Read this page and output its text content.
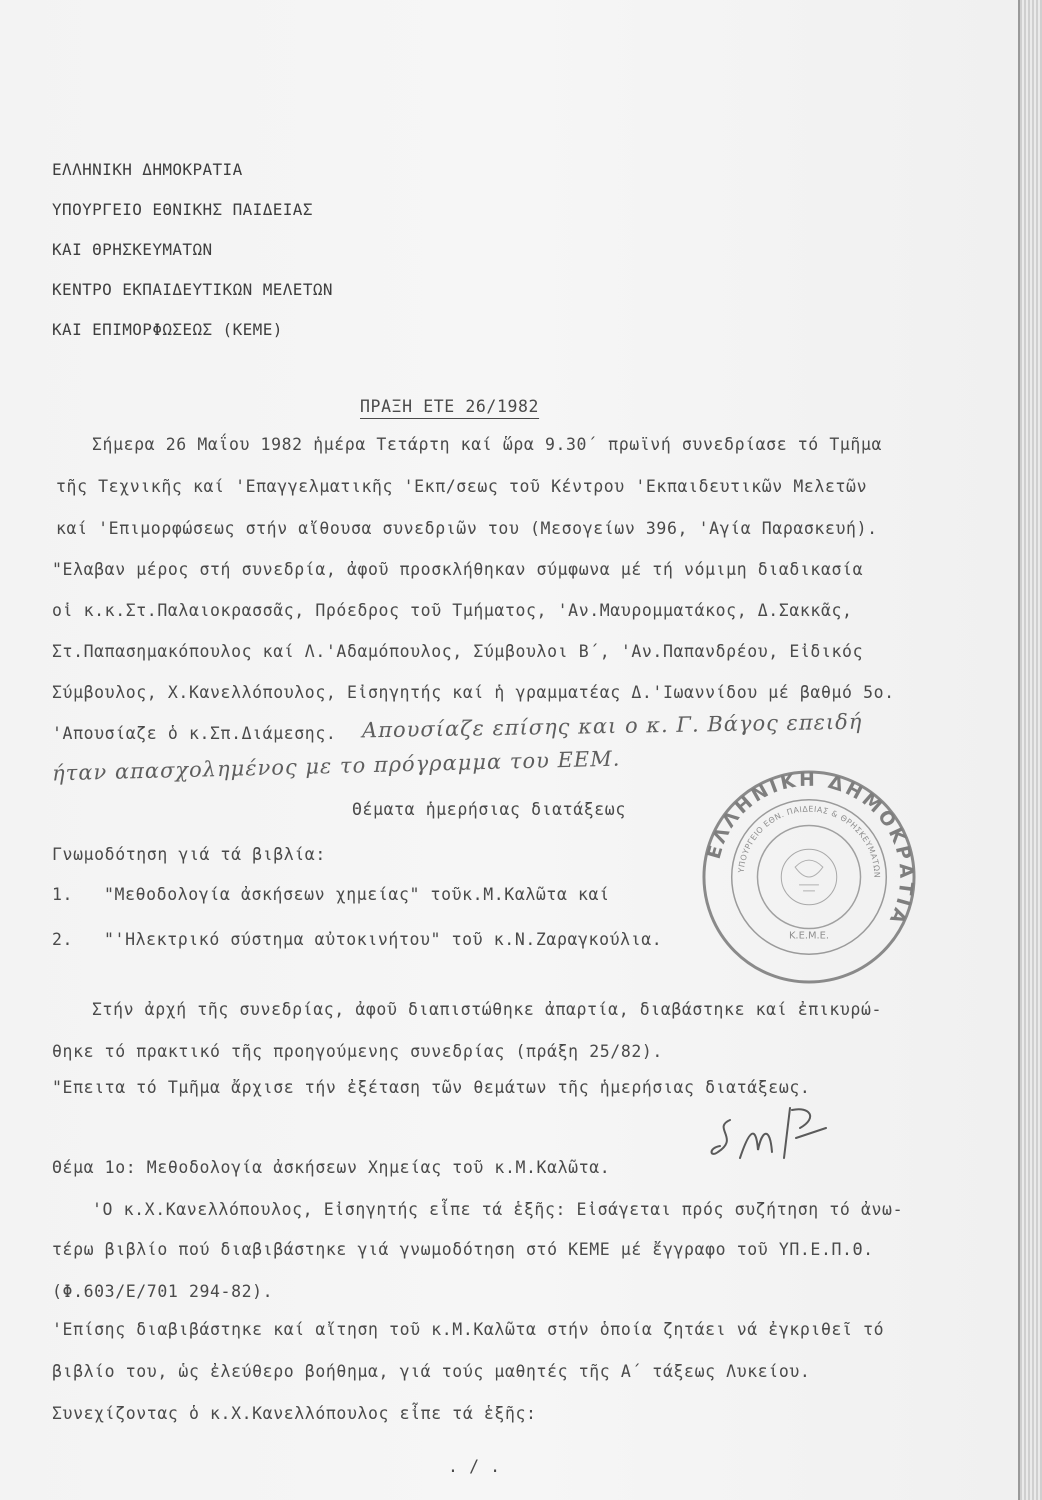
ΕΛΛΗΝΙΚΗ ΔΗΜΟΚΡΑΤΙΑ
ΥΠΟΥΡΓΕΙΟ ΕΘΝΙΚΗΣ ΠΑΙΔΕΙΑΣ
ΚΑΙ ΘΡΗΣΚΕΥΜΑΤΩΝ
ΚΕΝΤΡΟ ΕΚΠΑΙΔΕΥΤΙΚΩΝ ΜΕΛΕΤΩΝ
ΚΑΙ ΕΠΙΜΟΡΦΩΣΕΩΣ (ΚΕΜΕ)
ΠΡΑΞΗ ΕΤΕ 26/1982
Σήμερα 26 Μαΐου 1982 ἡμέρα Τετάρτη καί ὥρα 9.30΄ πρωϊνή συνεδρίασε τό Τμῆμα
τῆς Τεχνικῆς καί 'Επαγγελματικῆς 'Εκπ/σεως τοῦ Κέντρου 'Εκπαιδευτικῶν Μελετῶν
καί 'Επιμορφώσεως στήν αἴθουσα συνεδριῶν του (Μεσογείων 396, 'Αγία Παρασκευή).
"Ελαβαν μέρος στή συνεδρία, ἀφοῦ προσκλήθηκαν σύμφωνα μέ τή νόμιμη διαδικασία
οἱ κ.κ.Στ.Παλαιοκρασσᾶς, Πρόεδρος τοῦ Τμήματος, 'Αν.Μαυρομματάκος, Δ.Σακκᾶς,
Στ.Παπασημακόπουλος καί Λ.'Αδαμόπουλος, Σύμβουλοι Β΄, 'Αν.Παπανδρέου, Εἰδικός
Σύμβουλος, Χ.Κανελλόπουλος, Εἰσηγητής καί ἡ γραμματέας Δ.'Ιωαννίδου μέ βαθμό 5ο.
'Απουσίαζε ὁ κ.Σπ.Διάμεσης. Απουσίαζε επίσης και ο κ. Γ. Βάγος επειδή
ήταν απασχολημένος με το πρόγραμμα του ΕΕΜ.
Θέματα ἡμερήσιας διατάξεως
Γνωμοδότηση γιά τά βιβλία:
1. "Μεθοδολογία ἀσκήσεων χημείας" τοῦκ.Μ.Καλῶτα καί
2. "'Ηλεκτρικό σύστημα αὐτοκινήτου" τοῦ κ.Ν.Ζαραγκούλια.
Στήν ἀρχή τῆς συνεδρίας, ἀφοῦ διαπιστώθηκε ἀπαρτία, διαβάστηκε καί ἐπικυρώ-
θηκε τό πρακτικό τῆς προηγούμενης συνεδρίας (πράξη 25/82).
"Επειτα τό Τμῆμα ἄρχισε τήν ἐξέταση τῶν θεμάτων τῆς ἡμερήσιας διατάξεως.
Θέμα 1ο: Μεθοδολογία ἀσκήσεων Χημείας τοῦ κ.Μ.Καλῶτα.
'Ο κ.Χ.Κανελλόπουλος, Εἰσηγητής εἶπε τά ἑξῆς: Εἰσάγεται πρός συζήτηση τό ἀνω-
τέρω βιβλίο πού διαβιβάστηκε γιά γνωμοδότηση στό ΚΕΜΕ μέ ἔγγραφο τοῦ ΥΠ.Ε.Π.Θ.
(Φ.603/Ε/701 294-82).
'Επίσης διαβιβάστηκε καί αἴτηση τοῦ κ.Μ.Καλῶτα στήν ὁποία ζητάει νά ἐγκριθεῖ τό
βιβλίο του, ὡς ἐλεύθερο βοήθημα, γιά τούς μαθητές τῆς Α΄ τάξεως Λυκείου.
Συνεχίζοντας ὁ κ.Χ.Κανελλόπουλος εἶπε τά ἑξῆς:
. / .
ΕΛΛΗΝΙΚΗ ΔΗΜΟΚΡΑΤΙΑ
ΥΠΟΥΡΓΕΙΟ ΕΘΝ. ΠΑΙΔΕΙΑΣ & ΘΡΗΣΚΕΥΜΑΤΩΝ
Κ.Ε.Μ.Ε.
